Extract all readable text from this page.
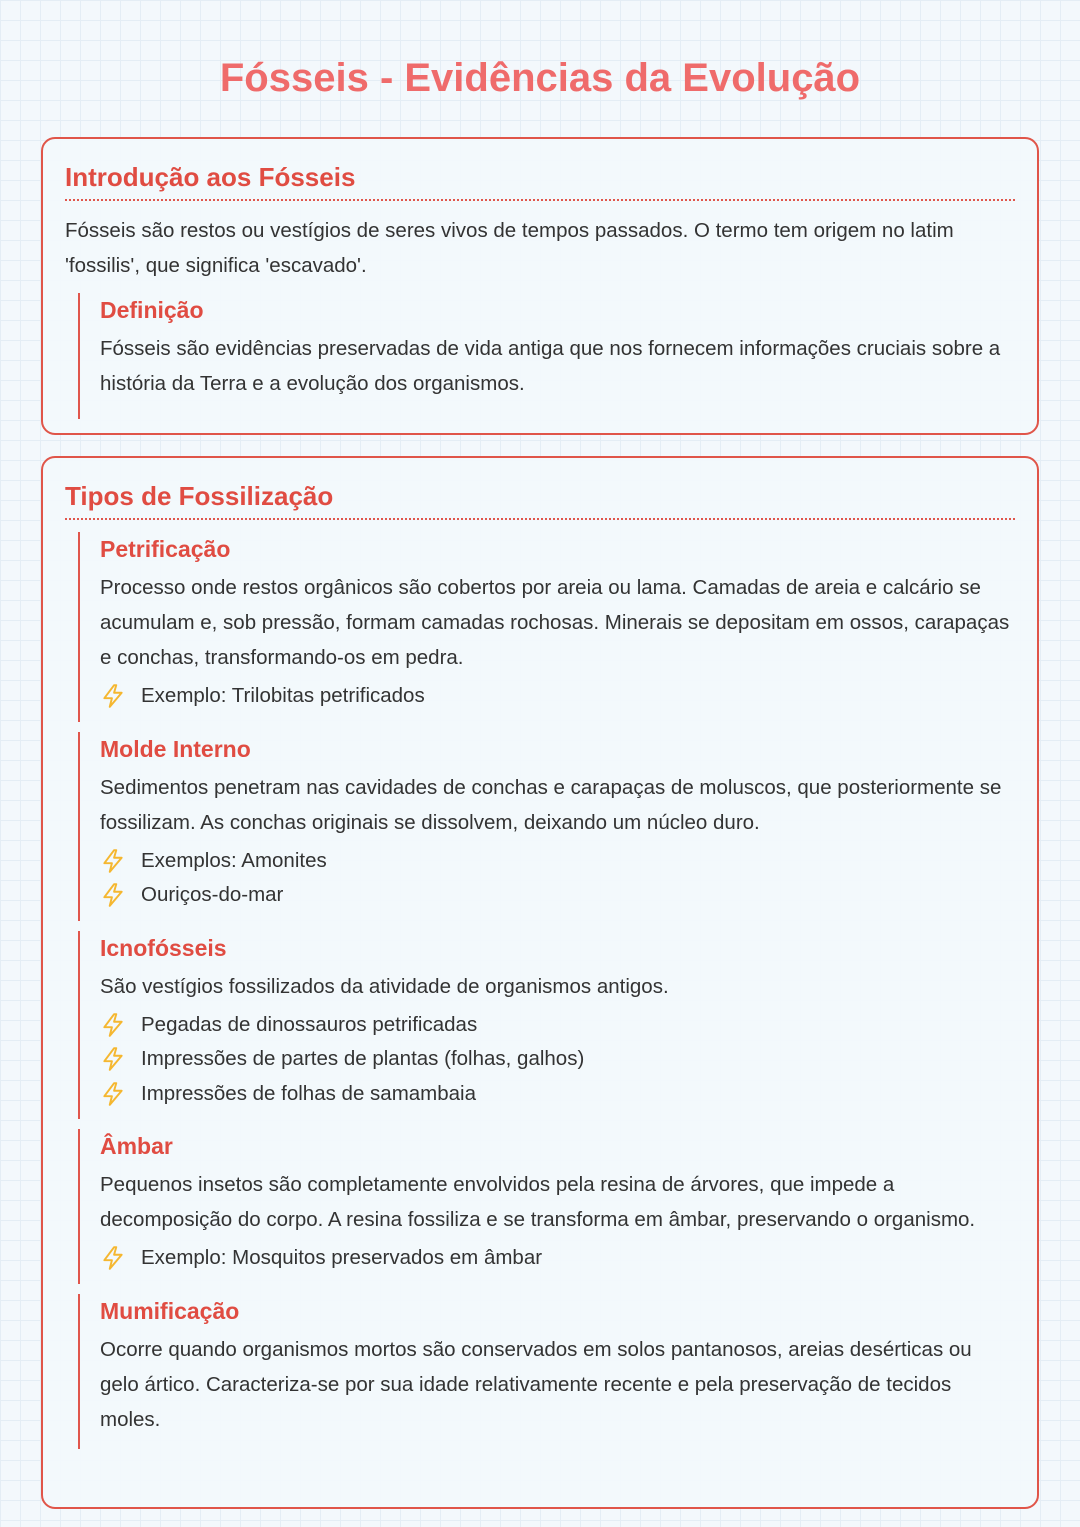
Fósseis - Evidências da Evolução
Introdução aos Fósseis

Fósseis são restos ou vestígios de seres vivos de tempos passados. O termo tem origem no latim 'fossilis', que significa 'escavado'.

Definição

Fósseis são evidências preservadas de vida antiga que nos fornecem informações cruciais sobre a história da Terra e a evolução dos organismos.

Tipos de Fossilização
Petrificação

Processo onde restos orgânicos são cobertos por areia ou lama. Camadas de areia e calcário se acumulam e, sob pressão, formam camadas rochosas. Minerais se depositam em ossos, carapaças e conchas, transformando-os em pedra.

Exemplo: Trilobitas petrificados
Molde Interno

Sedimentos penetram nas cavidades de conchas e carapaças de moluscos, que posteriormente se fossilizam. As conchas originais se dissolvem, deixando um núcleo duro.

Exemplos: Amonites
Ouriços-do-mar
Icnofósseis

São vestígios fossilizados da atividade de organismos antigos.

Pegadas de dinossauros petrificadas
Impressões de partes de plantas (folhas, galhos)
Impressões de folhas de samambaia
Âmbar

Pequenos insetos são completamente envolvidos pela resina de árvores, que impede a decomposição do corpo. A resina fossiliza e se transforma em âmbar, preservando o organismo.

Exemplo: Mosquitos preservados em âmbar
Mumificação

Ocorre quando organismos mortos são conservados em solos pantanosos, areias desérticas ou gelo ártico. Caracteriza-se por sua idade relativamente recente e pela preservação de tecidos moles.
